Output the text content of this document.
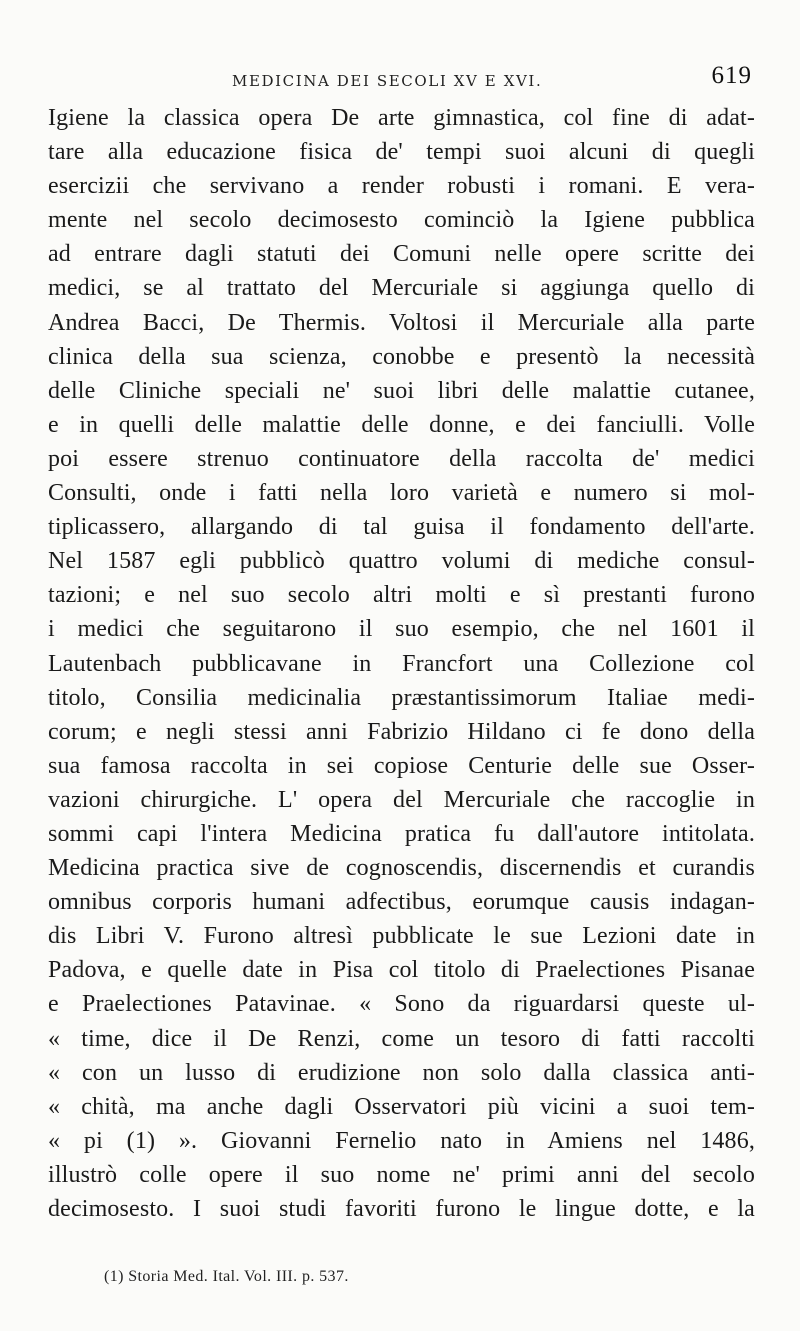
MEDICINA DEI SECOLI XV E XVI.	619
Igiene la classica opera De arte gimnastica, col fine di adat-
tare alla educazione fisica de' tempi suoi alcuni di quegli
esercizii che servivano a render robusti i romani. E vera-
mente nel secolo decimosesto cominciò la Igiene pubblica
ad entrare dagli statuti dei Comuni nelle opere scritte dei
medici, se al trattato del Mercuriale si aggiunga quello di
Andrea Bacci, De Thermis. Voltosi il Mercuriale alla parte
clinica della sua scienza, conobbe e presentò la necessità
delle Cliniche speciali ne' suoi libri delle malattie cutanee,
e in quelli delle malattie delle donne, e dei fanciulli. Volle
poi essere strenuo continuatore della raccolta de' medici
Consulti, onde i fatti nella loro varietà e numero si mol-
tiplicassero, allargando di tal guisa il fondamento dell'arte.
Nel 1587 egli pubblicò quattro volumi di mediche consul-
tazioni; e nel suo secolo altri molti e sì prestanti furono
i medici che seguitarono il suo esempio, che nel 1601 il
Lautenbach pubblicavane in Francfort una Collezione col
titolo, Consilia medicinalia præstantissimorum Italiae medi-
corum; e negli stessi anni Fabrizio Hildano ci fe dono della
sua famosa raccolta in sei copiose Centurie delle sue Osser-
vazioni chirurgiche. L' opera del Mercuriale che raccoglie in
sommi capi l'intera Medicina pratica fu dall'autore intitolata.
Medicina practica sive de cognoscendis, discernendis et curandis
omnibus corporis humani adfectibus, eorumque causis indagan-
dis Libri V. Furono altresì pubblicate le sue Lezioni date in
Padova, e quelle date in Pisa col titolo di Praelectiones Pisanae
e Praelectiones Patavinae. « Sono da riguardarsi queste ul-
« time, dice il De Renzi, come un tesoro di fatti raccolti
« con un lusso di erudizione non solo dalla classica anti-
« chità, ma anche dagli Osservatori più vicini a suoi tem-
« pi (1) ». Giovanni Fernelio nato in Amiens nel 1486,
illustrò colle opere il suo nome ne' primi anni del secolo
decimosesto. I suoi studi favoriti furono le lingue dotte, e la
(1) Storia Med. Ital. Vol. III. p. 537.
